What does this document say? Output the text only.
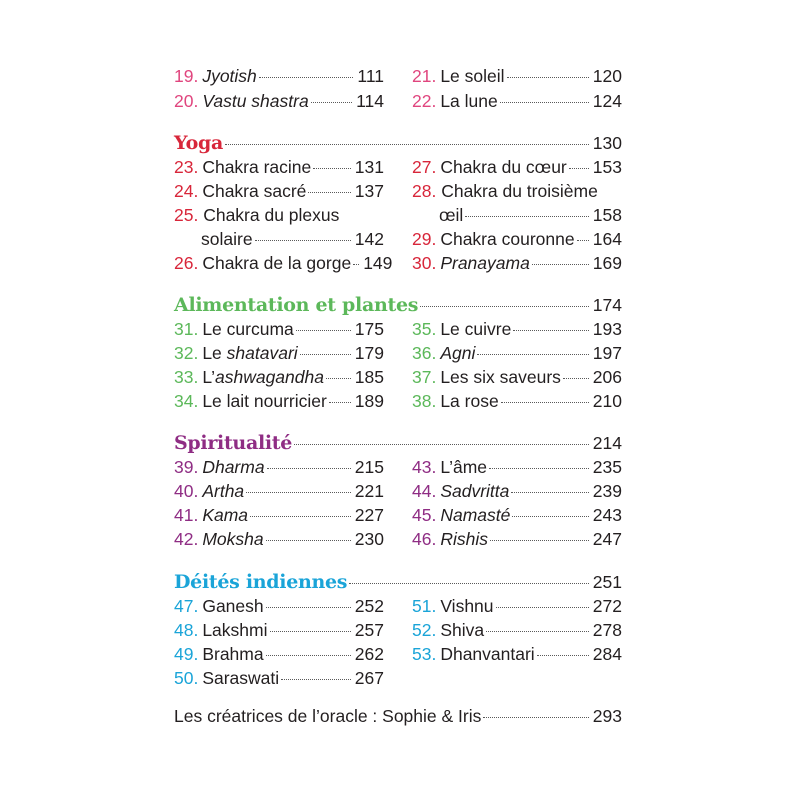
19. Jyotish	111
20. Vastu shastra	114
21. Le soleil	120
22. La lune	124
Yoga	130
23. Chakra racine 131
24. Chakra sacré	137
25. Chakra du plexus
solaire	142
26. Chakra de la gorge 149
27. Chakra du cœur 153
28. Chakra du troisième
œil	158
29. Chakra couronne 164
30. Pranayama	169
Alimentation et plantes	174
31. Le curcuma	175
32. Le shatavari	179
33. L’ ashwagandha 185
34. Le lait nourricier 189
35. Le cuivre	193
36. Agni	197
37. Les six saveurs 206
38. La rose	210
Spiritualité	214
39. Dharma	215
40. Artha	221
41. Kama	227
42. Moksha	230
43. L’âme	235
44. Sadvritta	239
45. Namasté	243
46. Rishis	247
Déités indiennes	251
47. Ganesh	252
48. Lakshmi	257
49. Brahma	262
50. Saraswati	267
51. Vishnu	272
52. Shiva	278
53. Dhanvantari	284
Les créatrices de l’oracle : Sophie & Iris	293
